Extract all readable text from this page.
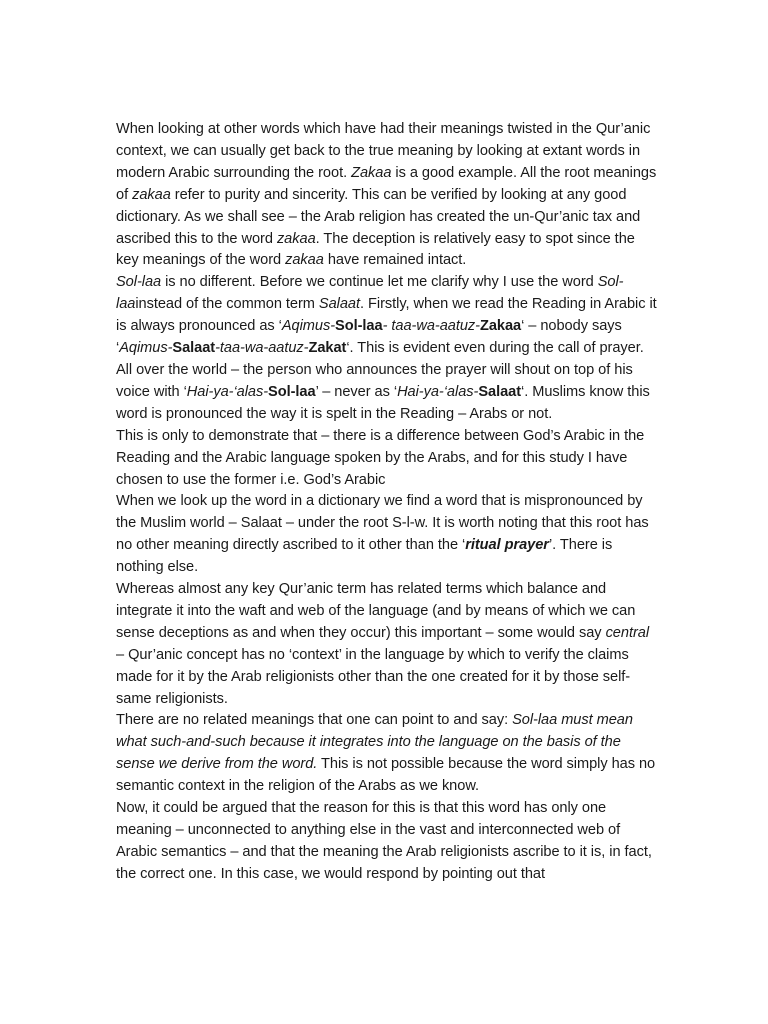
When looking at other words which have had their meanings twisted in the Qur’anic context, we can usually get back to the true meaning by looking at extant words in modern Arabic surrounding the root. Zakaa is a good example. All the root meanings of zakaa refer to purity and sincerity. This can be verified by looking at any good dictionary. As we shall see – the Arab religion has created the un-Qur’anic tax and ascribed this to the word zakaa. The deception is relatively easy to spot since the key meanings of the word zakaa have remained intact.

Sol-laa is no different. Before we continue let me clarify why I use the word Sol-laainstead of the common term Salaat. Firstly, when we read the Reading in Arabic it is always pronounced as ‘Aqimus-Sol-laa- taa-wa-aatuz-Zakaa‘ – nobody says ‘Aqimus-Salaat-taa-wa-aatuz-Zakat‘. This is evident even during the call of prayer. All over the world – the person who announces the prayer will shout on top of his voice with ‘Hai-ya-‘alas-Sol-laa’ – never as ‘Hai-ya-‘alas-Salaat‘. Muslims know this word is pronounced the way it is spelt in the Reading – Arabs or not.

This is only to demonstrate that – there is a difference between God’s Arabic in the Reading and the Arabic language spoken by the Arabs, and for this study I have chosen to use the former i.e. God’s Arabic

When we look up the word in a dictionary we find a word that is mispronounced by the Muslim world – Salaat – under the root S-l-w. It is worth noting that this root has no other meaning directly ascribed to it other than the ‘ritual prayer’. There is nothing else.

Whereas almost any key Qur’anic term has related terms which balance and integrate it into the waft and web of the language (and by means of which we can sense deceptions as and when they occur) this important – some would say central – Qur’anic concept has no ‘context’ in the language by which to verify the claims made for it by the Arab religionists other than the one created for it by those self-same religionists.

There are no related meanings that one can point to and say: Sol-laa must mean what such-and-such because it integrates into the language on the basis of the sense we derive from the word. This is not possible because the word simply has no semantic context in the religion of the Arabs as we know.

Now, it could be argued that the reason for this is that this word has only one meaning – unconnected to anything else in the vast and interconnected web of Arabic semantics – and that the meaning the Arab religionists ascribe to it is, in fact, the correct one. In this case, we would respond by pointing out that
